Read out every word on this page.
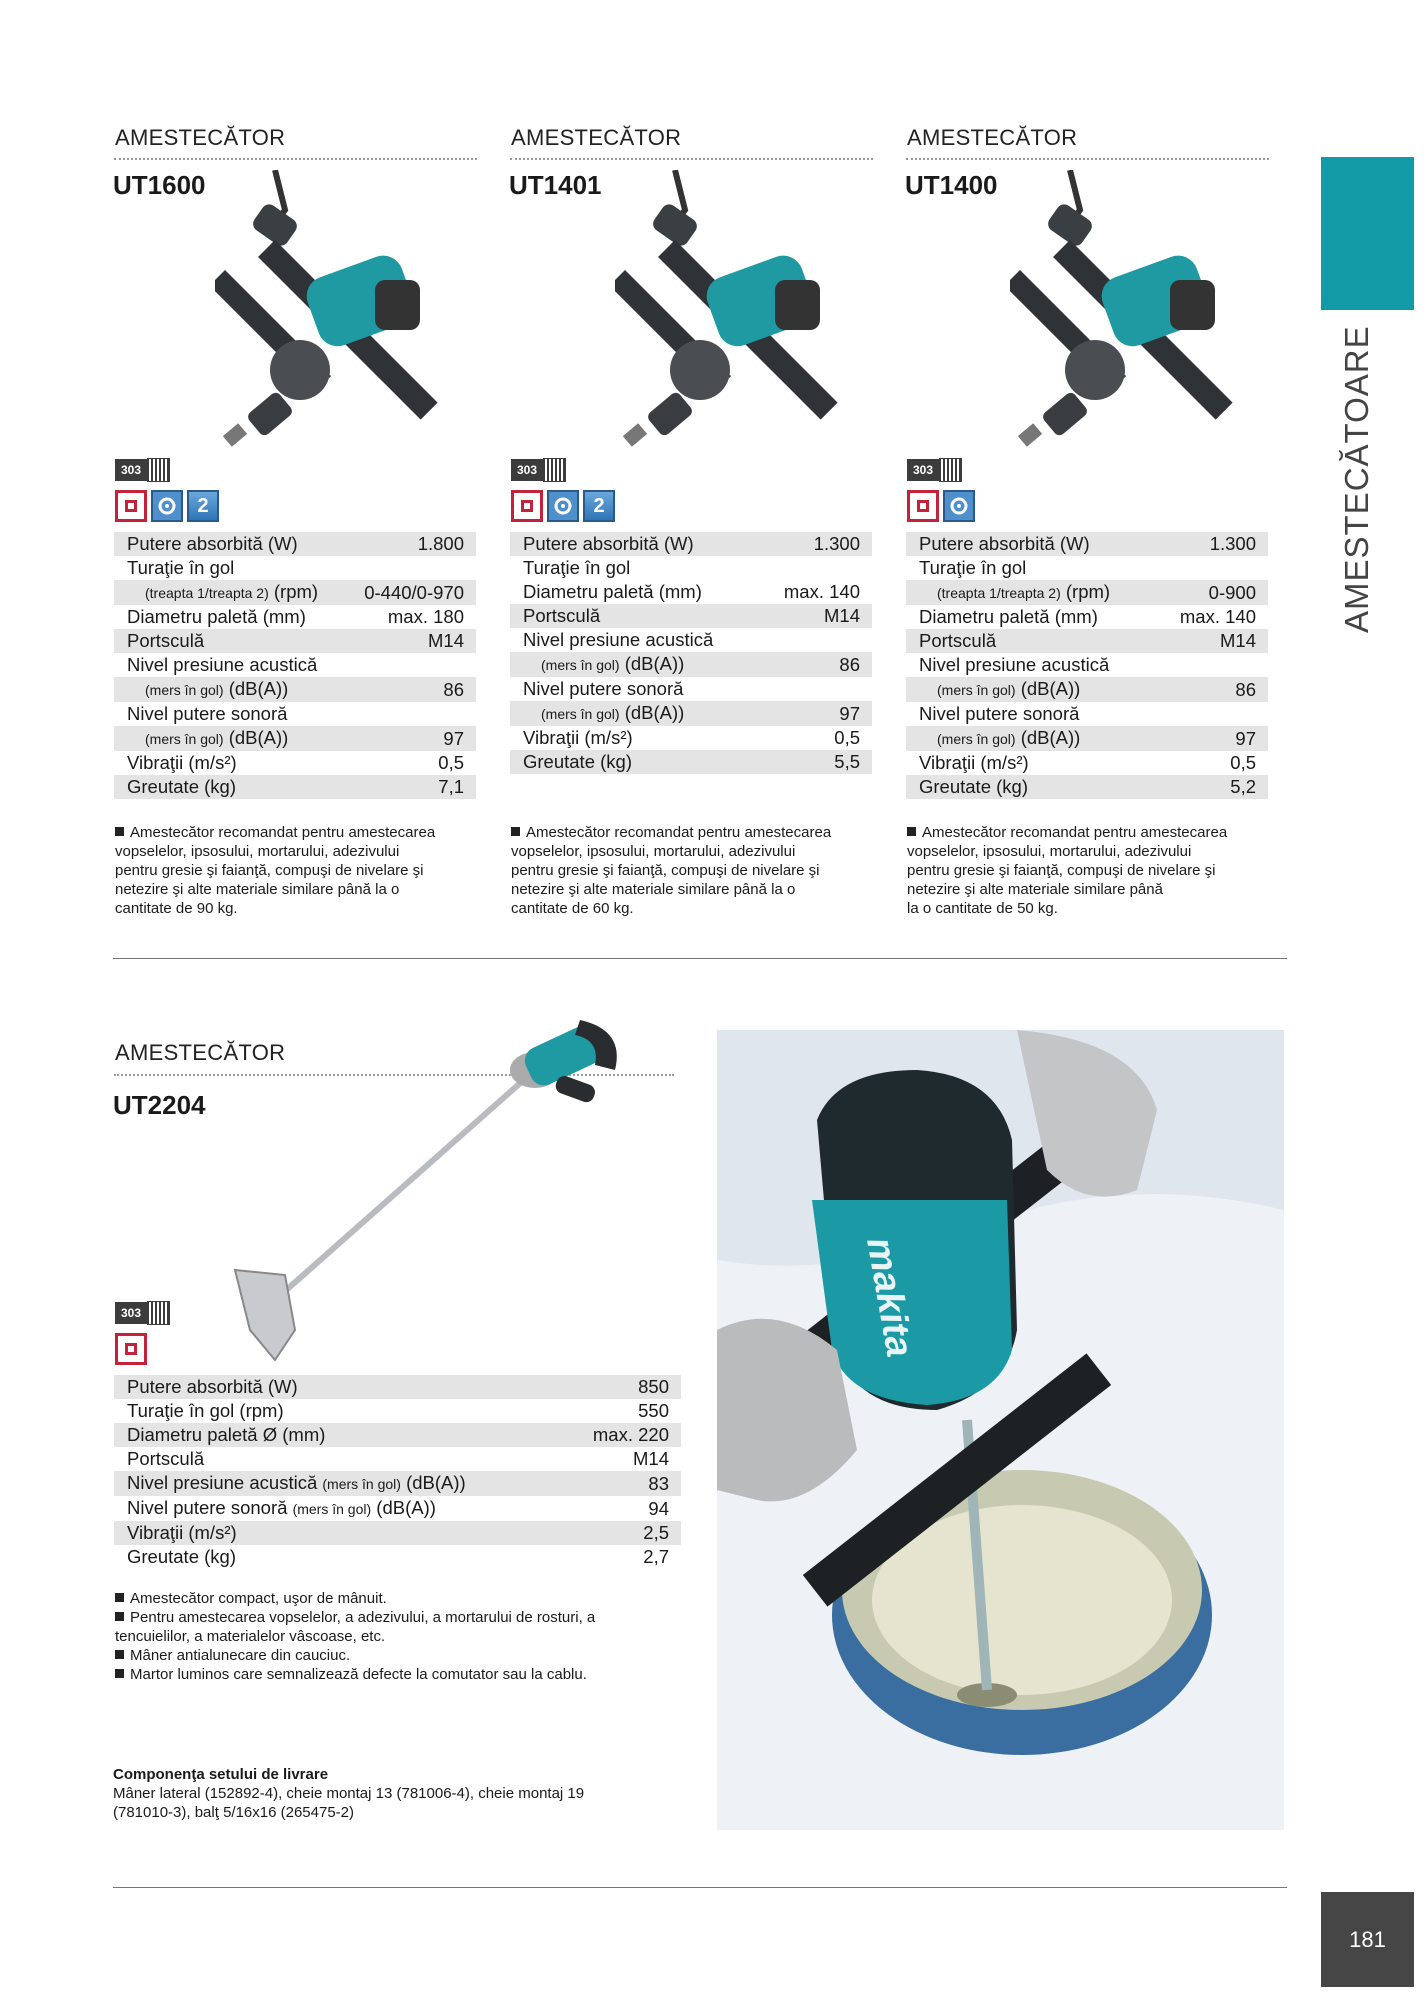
AMESTECĂTOARE
AMESTECĂTOR
UT1600
303
2
Putere absorbită (W)	1.800
Turaţie în gol
(treapta 1/treapta 2) (rpm) 0-440/0-970
Diametru paletă (mm)	max. 180
Portsculă	M14
Nivel presiune acustică
(mers în gol) (dB(A))	86
Nivel putere sonoră
(mers în gol) (dB(A))	97
Vibraţii (m/s²)	0,5
Greutate (kg)	7,1

Amestecător recomandat pentru amestecarea

vopselelor, ipsosului, mortarului, adezivului

pentru gresie şi faianţă, compuşi de nivelare şi

netezire şi alte materiale similare până la o

cantitate de 90 kg.

AMESTECĂTOR
UT1401
303
2
Putere absorbită (W)	1.300
Turaţie în gol
Diametru paletă (mm)	max. 140
Portsculă	M14
Nivel presiune acustică
(mers în gol) (dB(A))	86
Nivel putere sonoră
(mers în gol) (dB(A))	97
Vibraţii (m/s²)	0,5
Greutate (kg)	5,5

Amestecător recomandat pentru amestecarea

vopselelor, ipsosului, mortarului, adezivului

pentru gresie şi faianţă, compuşi de nivelare şi

netezire şi alte materiale similare până la o

cantitate de 60 kg.

AMESTECĂTOR
UT1400
303
Putere absorbită (W)	1.300
Turaţie în gol
(treapta 1/treapta 2) (rpm)	0-900
Diametru paletă (mm)	max. 140
Portsculă	M14
Nivel presiune acustică
(mers în gol) (dB(A))	86
Nivel putere sonoră
(mers în gol) (dB(A))	97
Vibraţii (m/s²)	0,5
Greutate (kg)	5,2

Amestecător recomandat pentru amestecarea

vopselelor, ipsosului, mortarului, adezivului

pentru gresie şi faianţă, compuşi de nivelare şi

netezire şi alte materiale similare până

la o cantitate de 50 kg.

AMESTECĂTOR
UT2204
303
Putere absorbită (W)	850
Turaţie în gol (rpm)	550
Diametru paletă Ø (mm)	max. 220
Portsculă	M14
Nivel presiune acustică (mers în gol) (dB(A))	83
Nivel putere sonoră (mers în gol) (dB(A))	94
Vibraţii (m/s²)	2,5
Greutate (kg)	2,7

Amestecător compact, uşor de mânuit.

Pentru amestecarea vopselelor, a adezivului, a mortarului de rosturi, a

tencuielilor, a materialelor vâscoase, etc.

Mâner antialunecare din cauciuc.

Martor luminos care semnalizează defecte la comutator sau la cablu.

Componenţa setului de livrare

Mâner lateral (152892-4), cheie montaj 13 (781006-4), cheie montaj 19

(781010-3), balţ 5/16x16 (265475-2)

makita
181
